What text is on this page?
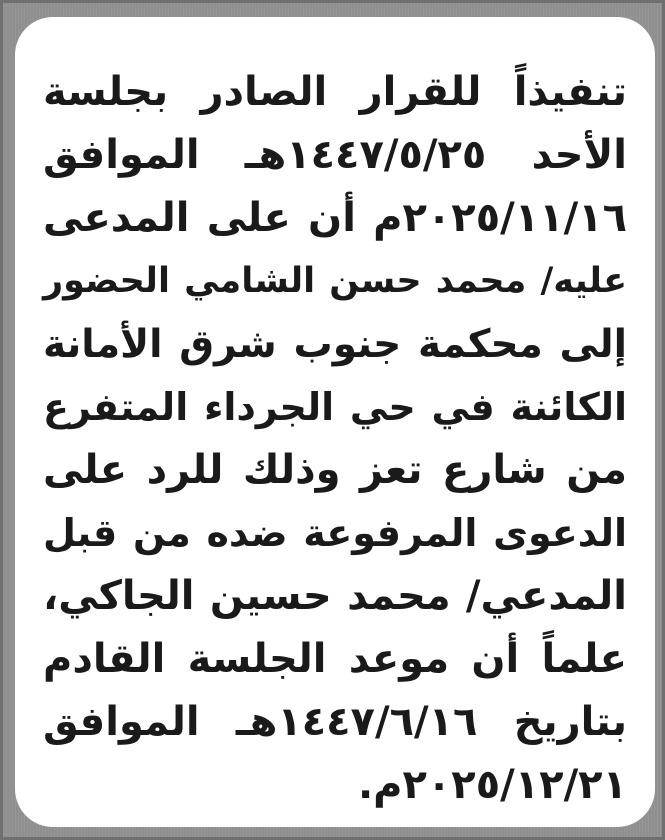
تنفيذاً للقرار الصادر بجلسة
الأحد ١٤٤٧/٥/٢٥هـ الموافق
٢٠٢٥/١١/١٦م أن على المدعى
عليه/ محمد حسن الشامي الحضور
إلى محكمة جنوب شرق الأمانة
الكائنة في حي الجرداء المتفرع
من شارع تعز وذلك للرد على
الدعوى المرفوعة ضده من قبل
المدعي/ محمد حسين الجاكي،
علماً أن موعد الجلسة القادم
بتاريخ ١٤٤٧/٦/١٦هـ الموافق
٢٠٢٥/١٢/٢١م.
